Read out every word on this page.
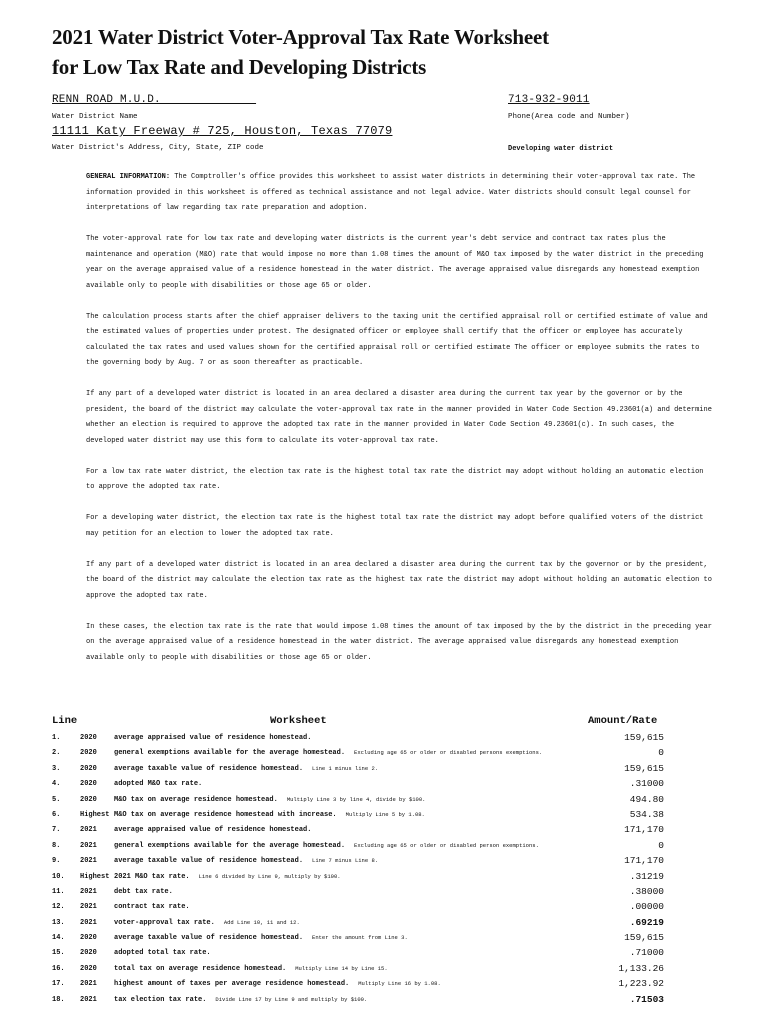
2021 Water District Voter-Approval Tax Rate Worksheet
for Low Tax Rate and Developing Districts
RENN ROAD M.U.D.
Water District Name
713-932-9011
Phone(Area code and Number)
11111 Katy Freeway # 725, Houston, Texas 77079
Water District's Address, City, State, ZIP code	Developing water district

GENERAL INFORMATION: The Comptroller's office provides this worksheet to assist water districts in determining their voter-approval tax rate. The information provided in this worksheet is offered as technical assistance and not legal advice. Water districts should consult legal counsel for interpretations of law regarding tax rate preparation and adoption.

The voter-approval rate for low tax rate and developing water districts is the current year's debt service and contract tax rates plus the maintenance and operation (M&O) rate that would impose no more than 1.08 times the amount of M&O tax imposed by the water district in the preceding year on the average appraised value of a residence homestead in the water district. The average appraised value disregards any homestead exemption available only to people with disabilities or those age 65 or older.

The calculation process starts after the chief appraiser delivers to the taxing unit the certified appraisal roll or certified estimate of value and the estimated values of properties under protest. The designated officer or employee shall certify that the officer or employee has accurately calculated the tax rates and used values shown for the certified appraisal roll or certified estimate The officer or employee submits the rates to the governing body by Aug. 7 or as soon thereafter as practicable.

If any part of a developed water district is located in an area declared a disaster area during the current tax year by the governor or by the president, the board of the district may calculate the voter-approval tax rate in the manner provided in Water Code Section 49.23601(a) and determine whether an election is required to approve the adopted tax rate in the manner provided in Water Code Section 49.23601(c). In such cases, the developed water district may use this form to calculate its voter-approval tax rate.

For a low tax rate water district, the election tax rate is the highest total tax rate the district may adopt without holding an automatic election to approve the adopted tax rate.

For a developing water district, the election tax rate is the highest total tax rate the district may adopt before qualified voters of the district may petition for an election to lower the adopted tax rate.

If any part of a developed water district is located in an area declared a disaster area during the current tax by the governor or by the president, the board of the district may calculate the election tax rate as the highest tax rate the district may adopt without holding an automatic election to approve the adopted tax rate.

In these cases, the election tax rate is the rate that would impose 1.08 times the amount of tax imposed by the by the district in the preceding year on the average appraised value of a residence homestead in the water district. The average appraised value disregards any homestead exemption available only to people with disabilities or those age 65 or older.

Line	Worksheet	Amount/Rate
1.	2020 average appraised value of residence homestead.	159,615
2.	2020 general exemptions available for the average homestead. Excluding age 65 or older or disabled persons exemptions.	0
3.	2020 average taxable value of residence homestead. Line 1 minus line 2.	159,615
4.	2020 adopted M&O tax rate.	.31000
5.	2020 M&O tax on average residence homestead. Multiply Line 3 by line 4, divide by $100.	494.80
6.	Highest M&O tax on average residence homestead with increase. Multiply Line 5 by 1.08.	534.38
7.	2021 average appraised value of residence homestead.	171,170
8.	2021 general exemptions available for the average homestead. Excluding age 65 or older or disabled person exemptions.	0
9.	2021 average taxable value of residence homestead. Line 7 minus Line 8.	171,170
10. Highest 2021 M&O tax rate. Line 6 divided by Line 9, multiply by $100.	.31219
11. 2021 debt tax rate.	.38000
12. 2021 contract tax rate.	.00000
13. 2021 voter-approval tax rate. Add Line 10, 11 and 12.	.69219
14. 2020 average taxable value of residence homestead. Enter the amount from Line 3.	159,615
15. 2020 adopted total tax rate.	.71000
16. 2020 total tax on average residence homestead. Multiply Line 14 by Line 15.	1,133.26
17. 2021 highest amount of taxes per average residence homestead. Multiply Line 16 by 1.08.	1,223.92
18. 2021 tax election tax rate. Divide Line 17 by Line 9 and multiply by $100.	.71503
